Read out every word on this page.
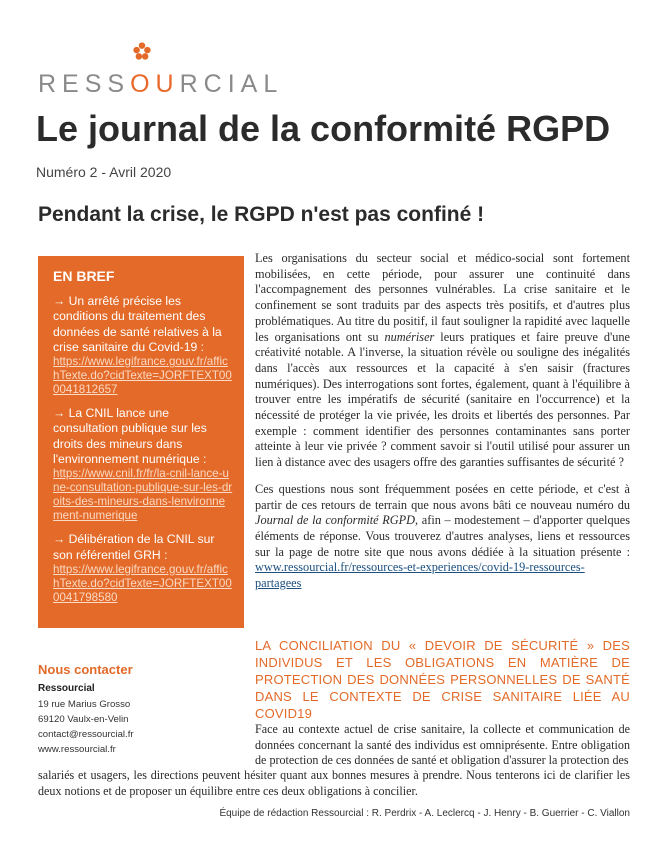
RESSOURCIAL
Le journal de la conformité RGPD
Numéro 2 - Avril 2020
Pendant la crise, le RGPD n'est pas confiné !
EN BREF

→ Un arrêté précise les conditions du traitement des données de santé relatives à la crise sanitaire du Covid-19 :
https://www.legifrance.gouv.fr/affichTexte.do?cidTexte=JORFTEXT000041812657

→ La CNIL lance une consultation publique sur les droits des mineurs dans l'environnement numérique :
https://www.cnil.fr/fr/la-cnil-lance-une-consultation-publique-sur-les-droits-des-mineurs-dans-lenvironnement-numerique

→ Délibération de la CNIL sur son référentiel GRH :
https://www.legifrance.gouv.fr/affichTexte.do?cidTexte=JORFTEXT000041798580

Nous contacter
Ressourcial
19 rue Marius Grosso
69120 Vaulx-en-Velin
contact@ressourcial.fr
www.ressourcial.fr

Les organisations du secteur social et médico-social sont fortement mobilisées, en cette période, pour assurer une continuité dans l'accompagnement des personnes vulnérables. La crise sanitaire et le confinement se sont traduits par des aspects très positifs, et d'autres plus problématiques. Au titre du positif, il faut souligner la rapidité avec laquelle les organisations ont su numériser leurs pratiques et faire preuve d'une créativité notable. A l'inverse, la situation révèle ou souligne des inégalités dans l'accès aux ressources et la capacité à s'en saisir (fractures numériques). Des interrogations sont fortes, également, quant à l'équilibre à trouver entre les impératifs de sécurité (sanitaire en l'occurrence) et la nécessité de protéger la vie privée, les droits et libertés des personnes. Par exemple : comment identifier des personnes contaminantes sans porter atteinte à leur vie privée ? comment savoir si l'outil utilisé pour assurer un lien à distance avec des usagers offre des garanties suffisantes de sécurité ?

Ces questions nous sont fréquemment posées en cette période, et c'est à partir de ces retours de terrain que nous avons bâti ce nouveau numéro du Journal de la conformité RGPD, afin – modestement – d'apporter quelques éléments de réponse. Vous trouverez d'autres analyses, liens et ressources sur la page de notre site que nous avons dédiée à la situation présente : www.ressourcial.fr/ressources-et-experiences/covid-19-ressources-partagees

LA CONCILIATION DU « DEVOIR DE SÉCURITÉ » DES INDIVIDUS ET LES OBLIGATIONS EN MATIÈRE DE PROTECTION DES DONNÉES PERSONNELLES DE SANTÉ DANS LE CONTEXTE DE CRISE SANITAIRE LIÉE AU COVID19
Face au contexte actuel de crise sanitaire, la collecte et communication de données concernant la santé des individus est omniprésente. Entre obligation de protection de ces données de santé et obligation d'assurer la protection des
salariés et usagers, les directions peuvent hésiter quant aux bonnes mesures à prendre. Nous tenterons ici de clarifier les deux notions et de proposer un équilibre entre ces deux obligations à concilier.
Équipe de rédaction Ressourcial : R. Perdrix - A. Leclercq - J. Henry - B. Guerrier - C. Viallon
